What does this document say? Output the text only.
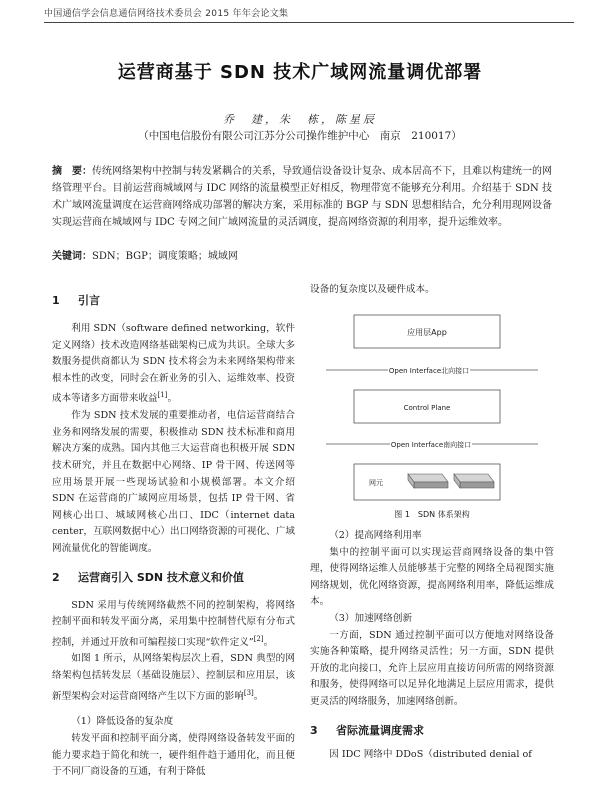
中国通信学会信息通信网络技术委员会 2015 年年会论文集
运营商基于 SDN 技术广域网流量调优部署
乔　建，朱　栋，陈星辰
（中国电信股份有限公司江苏分公司操作维护中心　南京　210017）
摘　要：传统网络架构中控制与转发紧耦合的关系，导致通信设备设计复杂、成本居高不下，且难以构建统一的网络管理平台。目前运营商城域网与 IDC 网络的流量模型正好相反，物理带宽不能够充分利用。介绍基于 SDN 技术广域网流量调度在运营商网络成功部署的解决方案，采用标准的 BGP 与 SDN 思想相结合，允分利用现网设备实现运营商在城域网与 IDC 专网之间广域网流量的灵活调度，提高网络资源的利用率，提升运维效率。
关键词：SDN；BGP；调度策略；城域网
1 引言

利用 SDN（software defined networking，软件定义网络）技术改造网络基础架构已成为共识。全球大多数服务提供商都认为 SDN 技术将会为未来网络架构带来根本性的改变，同时会在新业务的引入、运维效率、投资成本等诸多方面带来收益[1]。

作为 SDN 技术发展的重要推动者，电信运营商结合业务和网络发展的需要，积极推动 SDN 技术标准和商用解决方案的成熟。国内其他三大运营商也积极开展 SDN 技术研究，并且在数据中心网络、IP 骨干网、传送网等应用场景开展一些现场试验和小规模部署。本文介绍 SDN 在运营商的广域网应用场景，包括 IP 骨干网、省网核心出口、城域网核心出口、IDC（internet data center，互联网数据中心）出口网络资源的可视化、广域网流量优化的智能调度。

2 运营商引入 SDN 技术意义和价值

SDN 采用与传统网络截然不同的控制架构，将网络控制平面和转发平面分离，采用集中控制替代原有分布式控制，并通过开放和可编程接口实现“软件定义”[2]。

如图 1 所示，从网络架构层次上看，SDN 典型的网络架构包括转发层（基础设施层）、控制层和应用层，该新型架构会对运营商网络产生以下方面的影响[3]。

（1）降低设备的复杂度

转发平面和控制平面分离，使得网络设备转发平面的能力要求趋于简化和统一，硬件组件趋于通用化，而且便于不同厂商设备的互通，有利于降低

设备的复杂度以及硬件成本。

应用层App
Open Interface北向接口
Control Plane
Open Interface南向接口
网元
图 1　SDN 体系架构

（2）提高网络利用率

集中的控制平面可以实现运营商网络设备的集中管理，使得网络运维人员能够基于完整的网络全局视图实施网络规划，优化网络资源，提高网络利用率，降低运维成本。

（3）加速网络创新

一方面，SDN 通过控制平面可以方便地对网络设备实施各种策略，提升网络灵活性；另一方面，SDN 提供开放的北向接口，允许上层应用直接访问所需的网络资源和服务，使得网络可以足异化地满足上层应用需求，提供更灵活的网络服务，加速网络创新。

3 省际流量调度需求

因 IDC 网络中 DDoS（distributed denial of
